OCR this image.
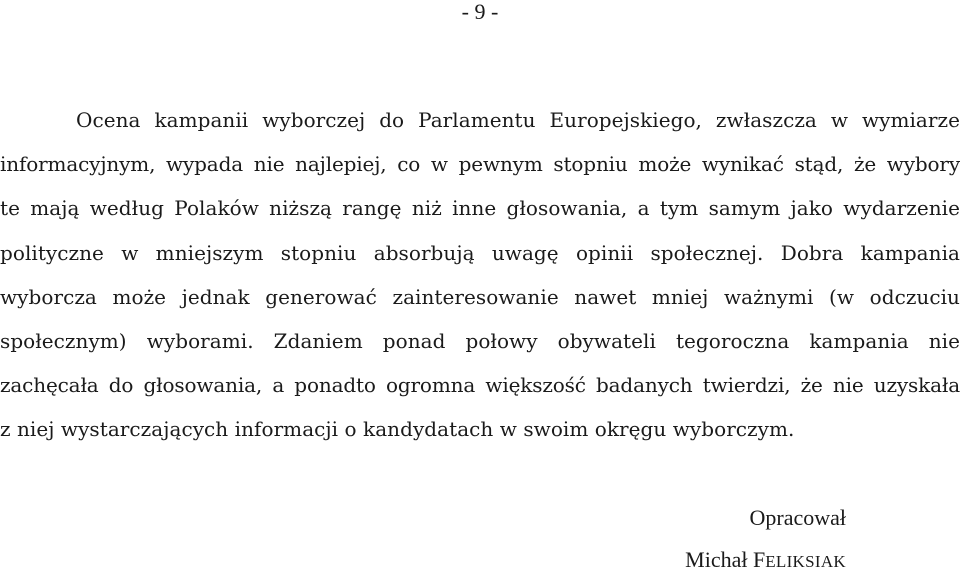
- 9 -
Ocena kampanii wyborczej do Parlamentu Europejskiego, zwłaszcza w wymiarze
informacyjnym, wypada nie najlepiej, co w pewnym stopniu może wynikać stąd, że wybory
te mają według Polaków niższą rangę niż inne głosowania, a tym samym jako wydarzenie
polityczne w mniejszym stopniu absorbują uwagę opinii społecznej. Dobra kampania
wyborcza może jednak generować zainteresowanie nawet mniej ważnymi (w odczuciu
społecznym) wyborami. Zdaniem ponad połowy obywateli tegoroczna kampania nie
zachęcała do głosowania, a ponadto ogromna większość badanych twierdzi, że nie uzyskała
z niej wystarczających informacji o kandydatach w swoim okręgu wyborczym.
Opracował
Michał FELIKSIAK
